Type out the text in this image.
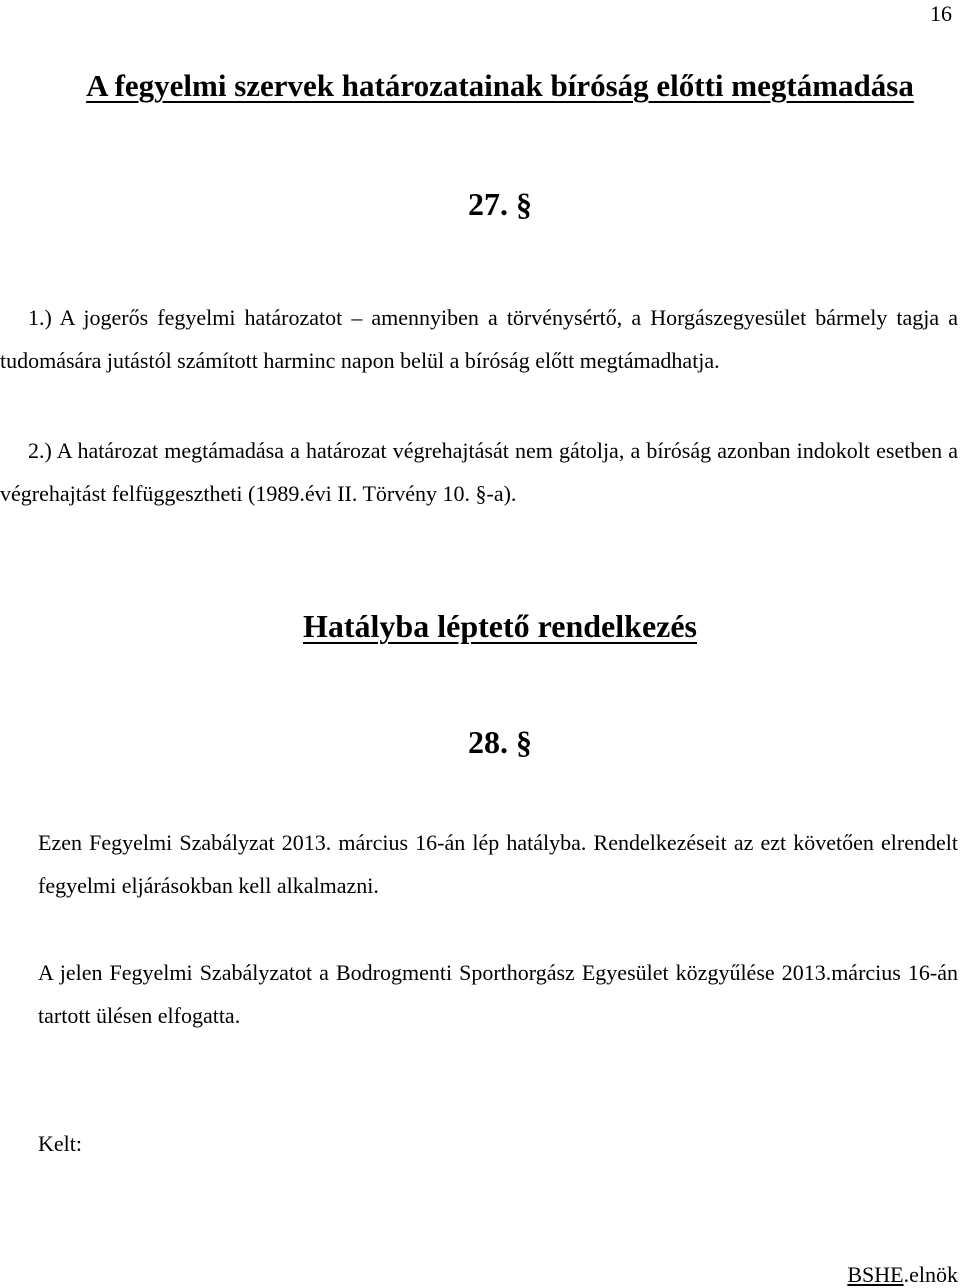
16
A fegyelmi szervek határozatainak bíróság előtti megtámadása
27. §

1.) A jogerős fegyelmi határozatot – amennyiben a törvénysértő, a Horgászegyesület bármely tagja a tudomására jutástól számított harminc napon belül a bíróság előtt megtámadhatja.

2.) A határozat megtámadása a határozat végrehajtását nem gátolja, a bíróság azonban indokolt esetben a végrehajtást felfüggesztheti (1989.évi II. Törvény 10. §-a).

Hatályba léptető rendelkezés
28. §

Ezen Fegyelmi Szabályzat 2013. március 16-án lép hatályba. Rendelkezéseit az ezt követően elrendelt fegyelmi eljárásokban kell alkalmazni.

A jelen Fegyelmi Szabályzatot a Bodrogmenti Sporthorgász Egyesület közgyűlése 2013.március 16-án tartott ülésen elfogatta.

Kelt:
BSHE.elnök
